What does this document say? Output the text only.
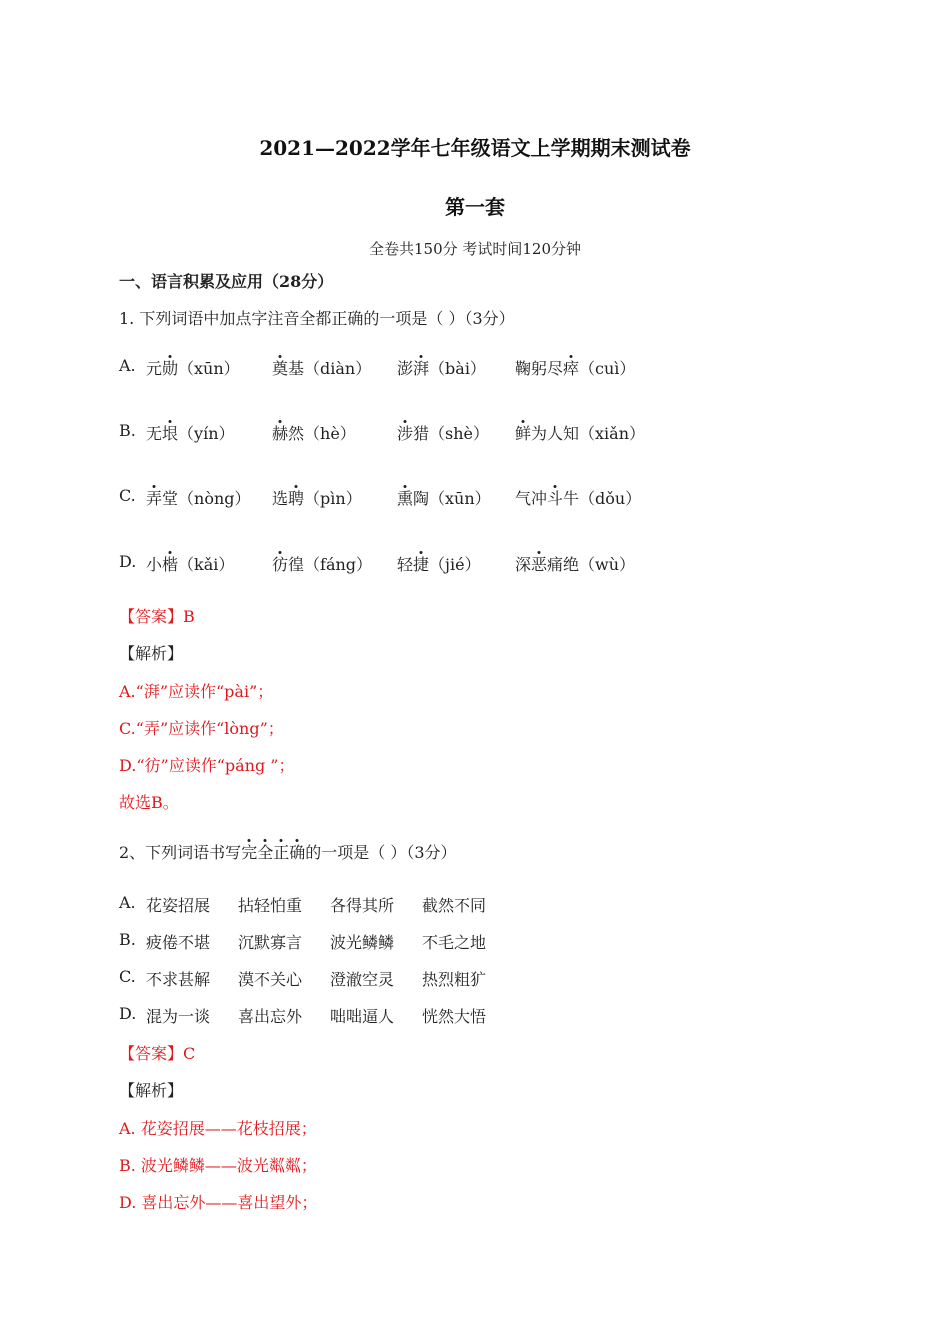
2021—2022学年七年级语文上学期期末测试卷
第一套
全卷共150分 考试时间120分钟
一、语言积累及应用（28分）
1. 下列词语中加点字注音全都正确的一项是（ ）（3分）
A. 元勋（xūn） 奠基（diàn） 澎湃（bài） 鞠躬尽瘁（cuì）
B. 无垠（yín） 赫然（hè）	涉猎（shè） 鲜为人知（xiǎn）
C. 弄堂（nòng） 选聘（pìn） 熏陶（xūn） 气冲斗牛（dǒu）
D. 小楷（kǎi） 彷徨（fáng） 轻捷（jié） 深恶痛绝（wù）
【答案】B
【解析】
A.“湃”应读作“pài”；
C.“弄”应读作“lòng”；
D.“彷”应读作“páng ”；
故选B。
2、下列词语书写完全正确的一项是（ ）（3分）
A. 花姿招展 拈轻怕重 各得其所 截然不同
B. 疲倦不堪 沉默寡言 波光鳞鳞 不毛之地
C. 不求甚解 漠不关心 澄澈空灵 热烈粗犷
D. 混为一谈 喜出忘外 咄咄逼人 恍然大悟
【答案】C
【解析】
A. 花姿招展——花枝招展；
B. 波光鳞鳞——波光粼粼；
D. 喜出忘外——喜出望外；
